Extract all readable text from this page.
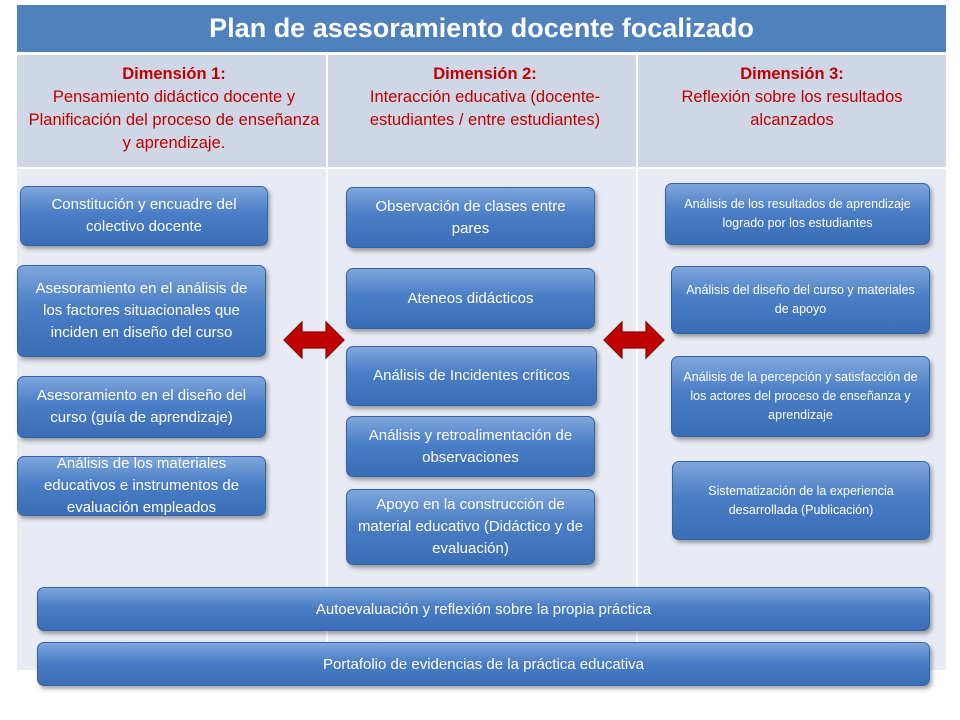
Plan de asesoramiento docente focalizado
Dimensión 1:
Pensamiento didáctico docente y Planificación del proceso de enseñanza y aprendizaje.
Dimensión 2:
Interacción educativa (docente-estudiantes / entre estudiantes)
Dimensión 3:
Reflexión sobre los resultados alcanzados
Constitución y encuadre del colectivo docente
Asesoramiento en el análisis de los factores situacionales que inciden en diseño del curso
Asesoramiento en el diseño del curso (guía de aprendizaje)
Análisis de los materiales educativos e instrumentos de evaluación empleados
Observación de clases entre pares
Ateneos didácticos
Análisis de Incidentes críticos
Análisis y retroalimentación de observaciones
Apoyo en la construcción de material educativo (Didáctico y de evaluación)
Análisis de los resultados de aprendizaje logrado por los estudiantes
Análisis del diseño del curso y materiales de apoyo
Análisis de la percepción y satisfacción de los actores del proceso de enseñanza y aprendizaje
Sistematización de la experiencia desarrollada (Publicación)
Autoevaluación y reflexión sobre la propia práctica
Portafolio de evidencias de la práctica educativa
